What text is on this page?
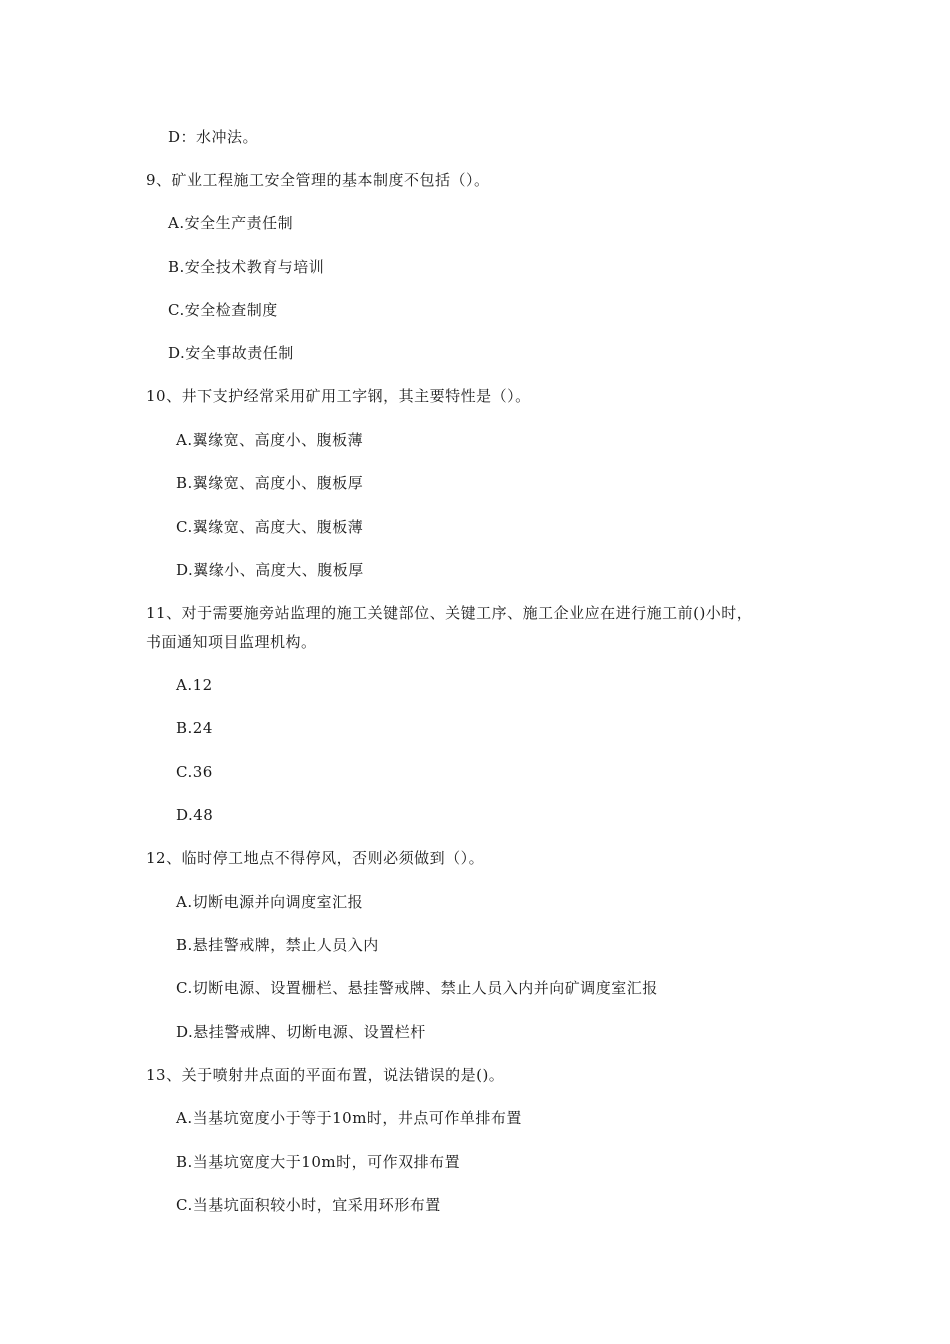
D：水冲法。
9、矿业工程施工安全管理的基本制度不包括（）。
A.安全生产责任制
B.安全技术教育与培训
C.安全检查制度
D.安全事故责任制
10、井下支护经常采用矿用工字钢，其主要特性是（）。
A.翼缘宽、高度小、腹板薄
B.翼缘宽、高度小、腹板厚
C.翼缘宽、高度大、腹板薄
D.翼缘小、高度大、腹板厚
11、对于需要施旁站监理的施工关键部位、关键工序、施工企业应在进行施工前()小时，
书面通知项目监理机构。
A.12
B.24
C.36
D.48
12、临时停工地点不得停风，否则必须做到（）。
A.切断电源并向调度室汇报
B.悬挂警戒牌，禁止人员入内
C.切断电源、设置栅栏、悬挂警戒牌、禁止人员入内并向矿调度室汇报
D.悬挂警戒牌、切断电源、设置栏杆
13、关于喷射井点面的平面布置，说法错误的是()。
A.当基坑宽度小于等于10m时，井点可作单排布置
B.当基坑宽度大于10m时，可作双排布置
C.当基坑面积较小时，宜采用环形布置
